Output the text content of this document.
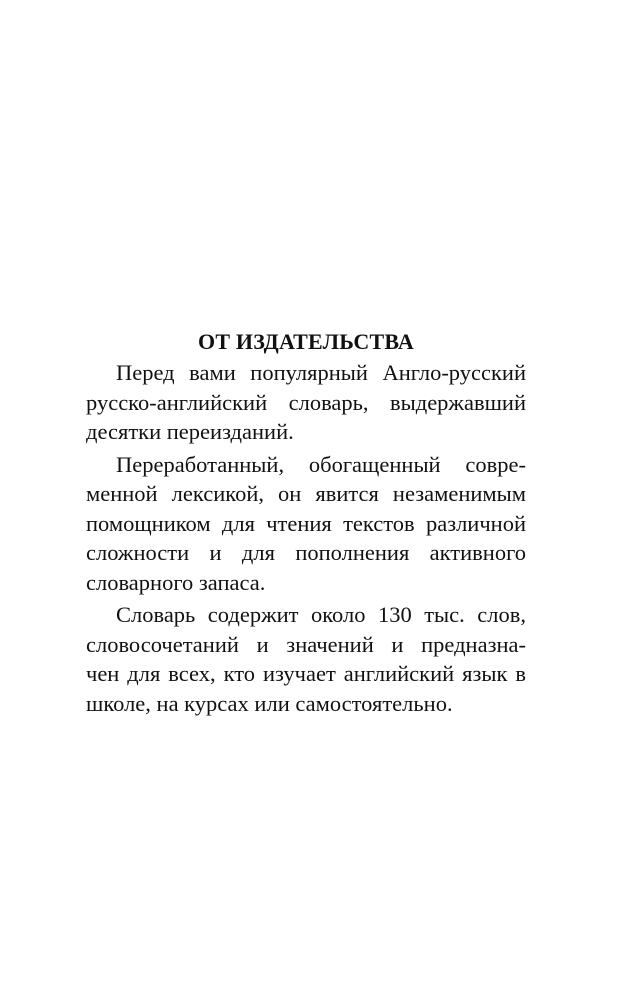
ОТ ИЗДАТЕЛЬСТВА
Перед вами популярный Англо-русский
русско-английский словарь, выдержавший
десятки переизданий.
Переработанный, обогащенный совре-
менной лексикой, он явится незаменимым
помощником для чтения текстов различной
сложности и для пополнения активного
словарного запаса.
Словарь содержит около 130 тыс. слов,
словосочетаний и значений и предназна-
чен для всех, кто изучает английский язык в
школе, на курсах или самостоятельно.
